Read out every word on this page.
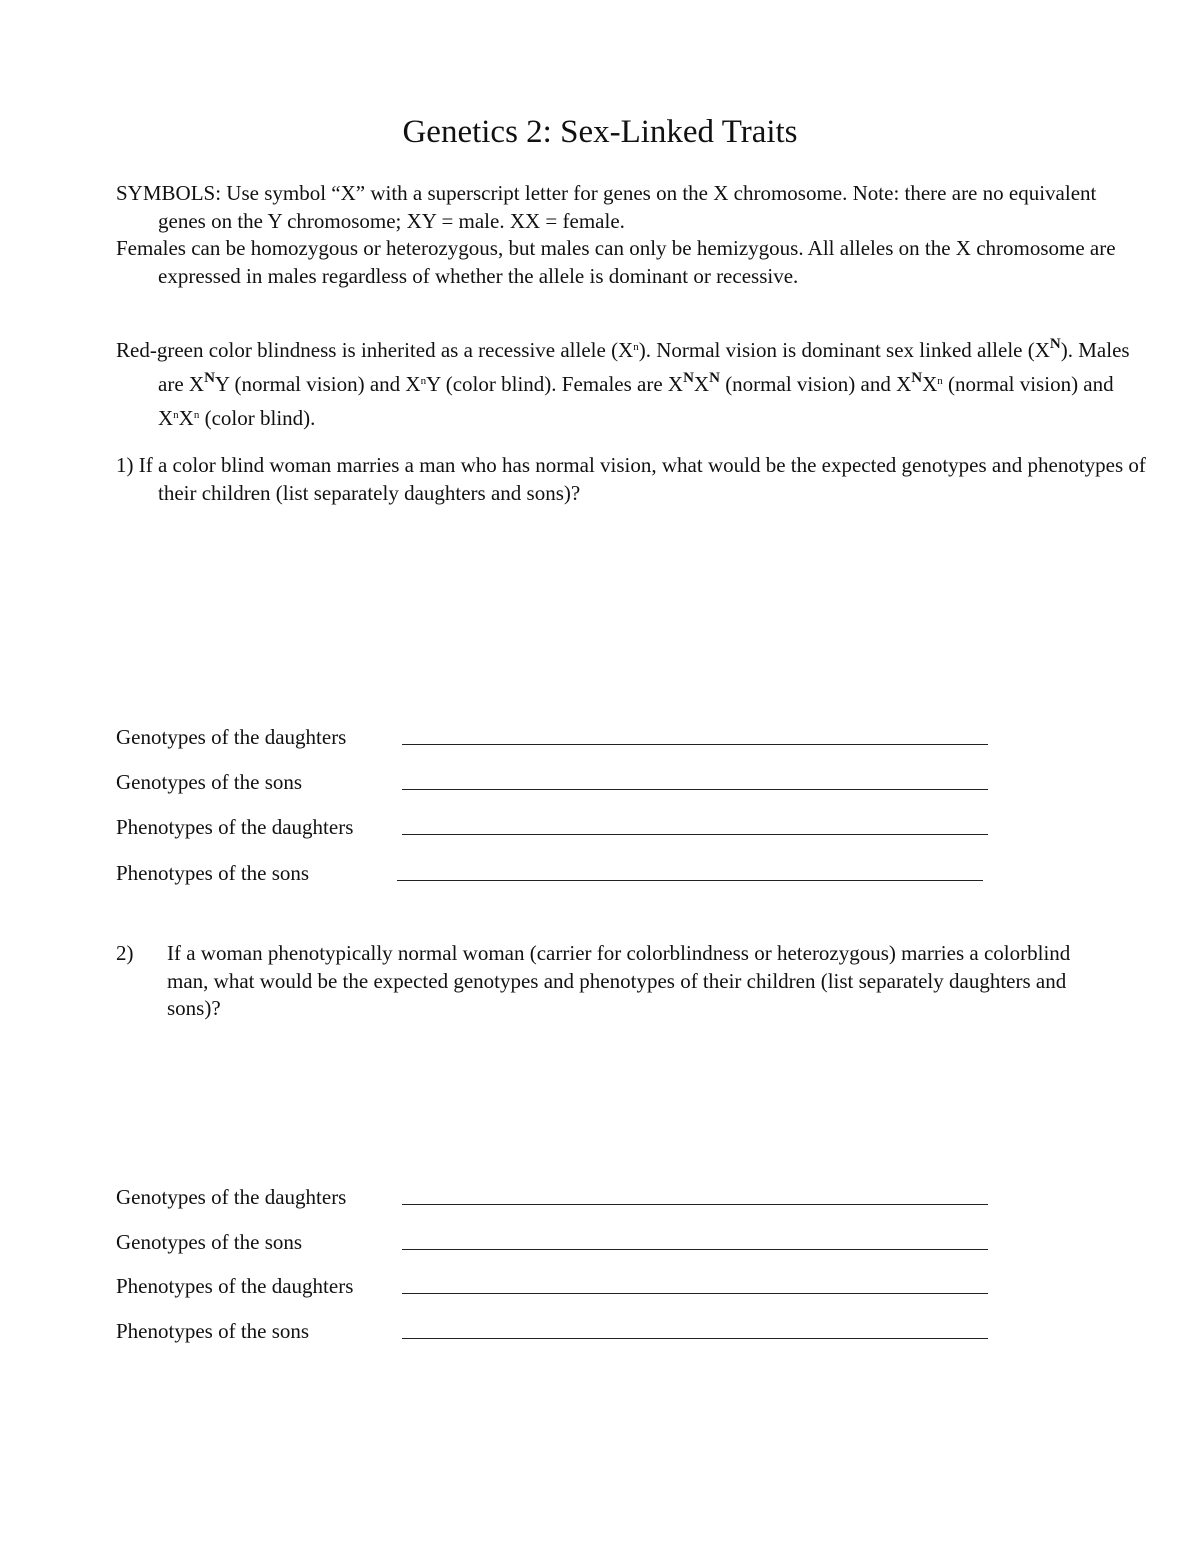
Genetics 2: Sex-Linked Traits
SYMBOLS: Use symbol “X” with a superscript letter for genes on the X chromosome. Note: there are no equivalent genes on the Y chromosome; XY = male. XX = female.
Females can be homozygous or heterozygous, but males can only be hemizygous. All alleles on the X chromosome are expressed in males regardless of whether the allele is dominant or recessive.
Red-green color blindness is inherited as a recessive allele $(X^n)$. Normal vision is dominant sex linked allele $(X^N)$. Males are $X^NY$ (normal vision) and $X^nY$ (color blind). Females are $X^NX^N$ (normal vision) and $X^NX^n$ (normal vision) and $X^nX^n$ (color blind).
1) If a color blind woman marries a man who has normal vision, what would be the expected genotypes and phenotypes of their children (list separately daughters and sons)?
Genotypes of the daughters
Genotypes of the sons
Phenotypes of the daughters
Phenotypes of the sons
2) If a woman phenotypically normal woman (carrier for colorblindness or heterozygous) marries a colorblind man, what would be the expected genotypes and phenotypes of their children (list separately daughters and sons)?
Genotypes of the daughters
Genotypes of the sons
Phenotypes of the daughters
Phenotypes of the sons
